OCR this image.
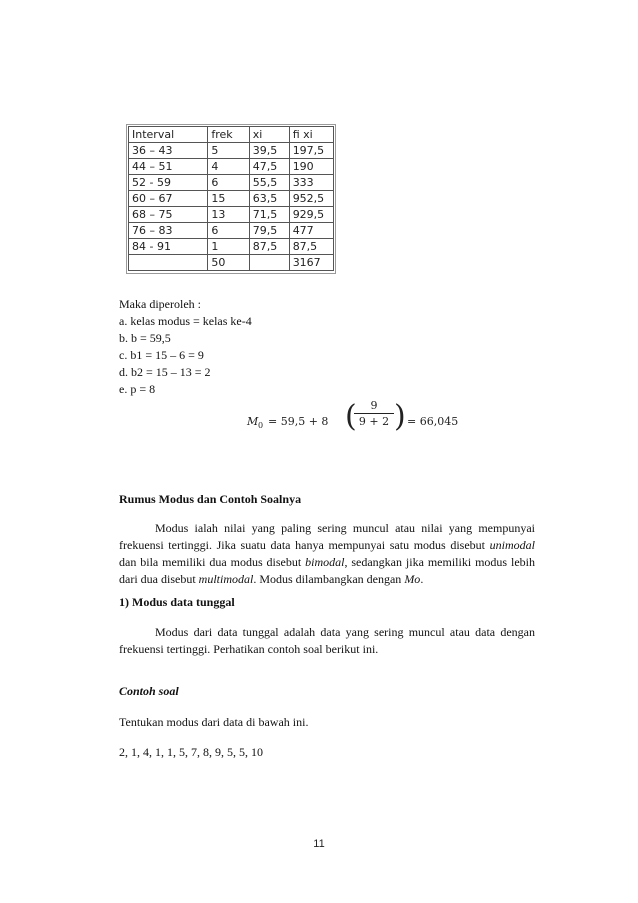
Interval	frek	xi	fi xi
36 – 43	5	39,5	197,5
44 – 51	4	47,5	190
52 - 59	6	55,5	333
60 – 67	15	63,5	952,5
68 – 75	13	71,5	929,5
76 – 83	6	79,5	477
84 - 91	1	87,5	87,5
	50		3167

Maka diperoleh :

a. kelas modus = kelas ke-4

b. b = 59,5

c. b1 = 15 – 6 = 9

d. b2 = 15 – 13 = 2

e. p = 8

M 0 = 59,5 + 8 (	9
9 + 2 ) = 66,045

Rumus Modus dan Contoh Soalnya

Modus ialah nilai yang paling sering muncul atau nilai yang mempunyai frekuensi tertinggi. Jika suatu data hanya mempunyai satu modus disebut unimodal dan bila memiliki dua modus disebut bimodal, sedangkan jika memiliki modus lebih dari dua disebut multimodal. Modus dilambangkan dengan Mo.

1) Modus data tunggal

Modus dari data tunggal adalah data yang sering muncul atau data dengan frekuensi tertinggi. Perhatikan contoh soal berikut ini.

Contoh soal

Tentukan modus dari data di bawah ini.

2, 1, 4, 1, 1, 5, 7, 8, 9, 5, 5, 10

11
